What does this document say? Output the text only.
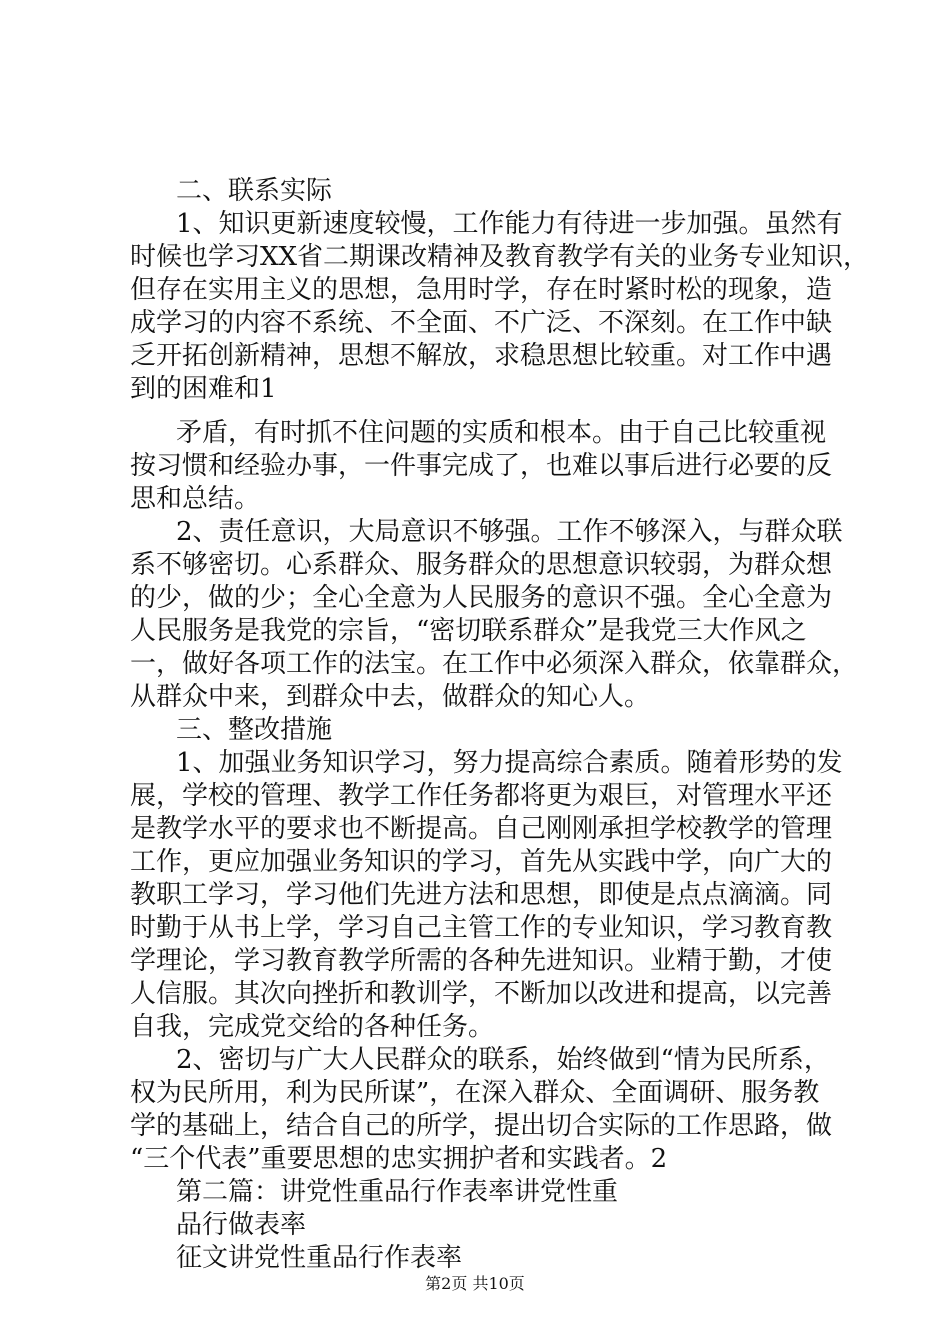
二、联系实际
1、知识更新速度较慢，工作能力有待进一步加强。虽然有
时候也学习XX省二期课改精神及教育教学有关的业务专业知识，
但存在实用主义的思想，急用时学，存在时紧时松的现象，造
成学习的内容不系统、不全面、不广泛、不深刻。在工作中缺
乏开拓创新精神，思想不解放，求稳思想比较重。对工作中遇
到的困难和1
矛盾，有时抓不住问题的实质和根本。由于自己比较重视
按习惯和经验办事，一件事完成了，也难以事后进行必要的反
思和总结。
2、责任意识，大局意识不够强。工作不够深入，与群众联
系不够密切。心系群众、服务群众的思想意识较弱，为群众想
的少，做的少；全心全意为人民服务的意识不强。全心全意为
人民服务是我党的宗旨，“密切联系群众”是我党三大作风之
一，做好各项工作的法宝。在工作中必须深入群众，依靠群众，
从群众中来，到群众中去，做群众的知心人。
三、整改措施
1、加强业务知识学习，努力提高综合素质。随着形势的发
展，学校的管理、教学工作任务都将更为艰巨，对管理水平还
是教学水平的要求也不断提高。自己刚刚承担学校教学的管理
工作，更应加强业务知识的学习，首先从实践中学，向广大的
教职工学习，学习他们先进方法和思想，即使是点点滴滴。同
时勤于从书上学，学习自己主管工作的专业知识，学习教育教
学理论，学习教育教学所需的各种先进知识。业精于勤，才使
人信服。其次向挫折和教训学，不断加以改进和提高，以完善
自我，完成党交给的各种任务。
2、密切与广大人民群众的联系，始终做到“情为民所系，
权为民所用，利为民所谋”，在深入群众、全面调研、服务教
学的基础上，结合自己的所学，提出切合实际的工作思路，做
“三个代表”重要思想的忠实拥护者和实践者。2
第二篇：讲党性重品行作表率讲党性重
品行做表率
第2页 共10页
征文讲党性重品行作表率
